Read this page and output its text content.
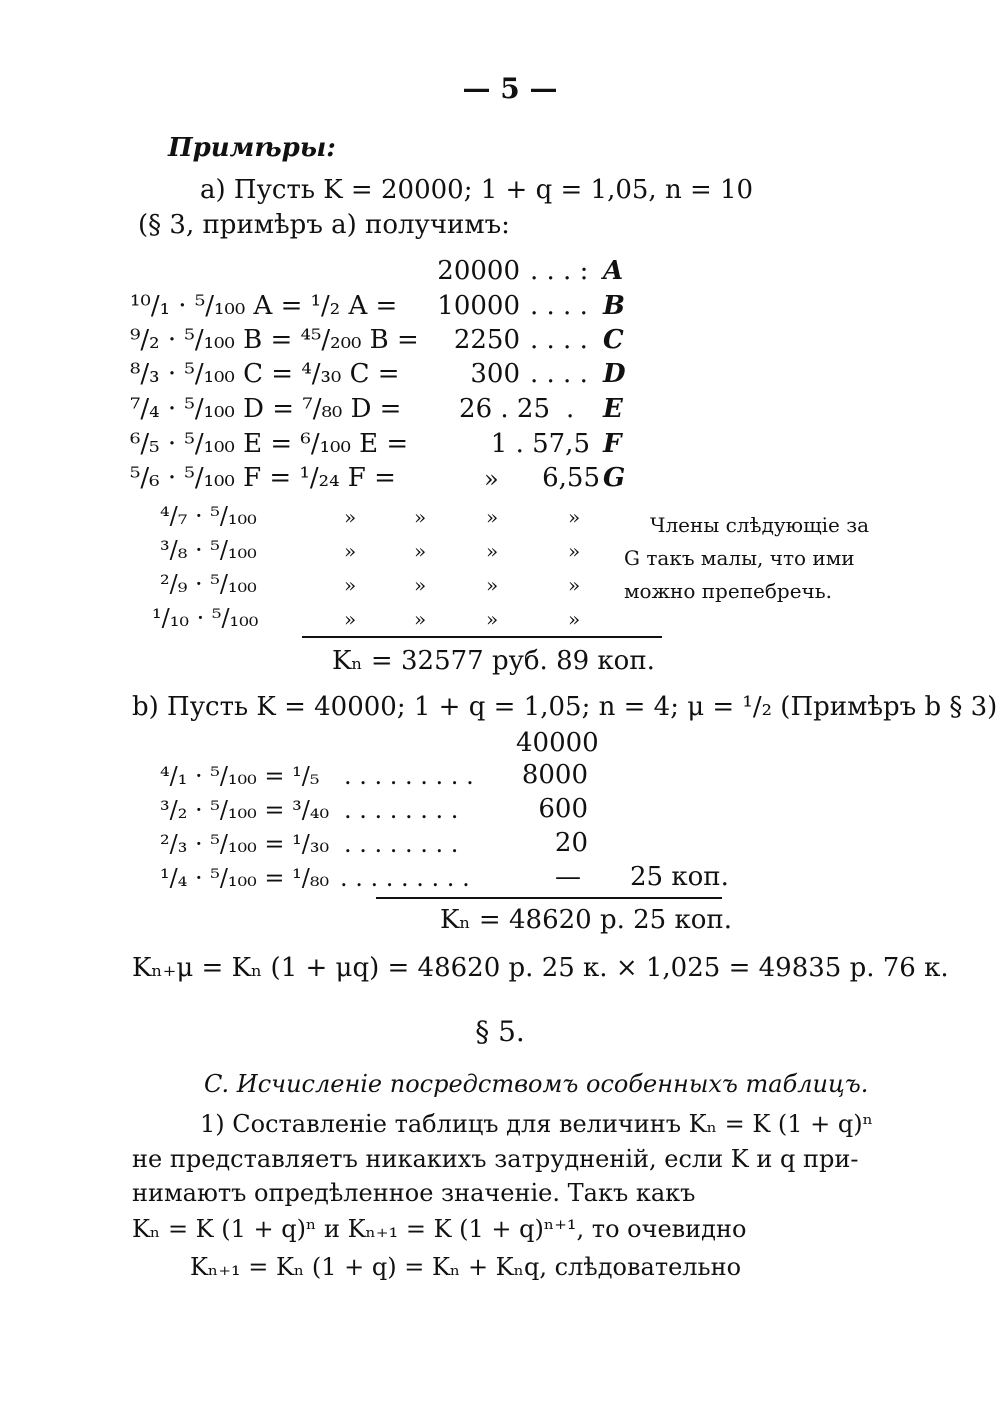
— 5 —
Примѣры:
a) Пусть K = 20000; 1 + q = 1,05, n = 10
(§ 3, примѣръ a) получимъ:
20000 . . . : A
¹⁰/₁ · ⁵/₁₀₀ A = ¹/₂ A =	10000 . . . . B
⁹/₂ · ⁵/₁₀₀ B = ⁴⁵/₂₀₀ B =	2250 . . . . C
⁸/₃ · ⁵/₁₀₀ C = ⁴/₃₀ C =	300 . . . . D
⁷/₄ · ⁵/₁₀₀ D = ⁷/₈₀ D =	26 . 25 .	E
⁶/₅ · ⁵/₁₀₀ E = ⁶/₁₀₀ E =	1 . 57,5 F
⁵/₆ · ⁵/₁₀₀ F = ¹/₂₄ F =	»	6,55 G
⁴/₇ · ⁵/₁₀₀	»	»	»	»
³/₈ · ⁵/₁₀₀	»	»	»	»
²/₉ · ⁵/₁₀₀	»	»	»	»
¹/₁₀ · ⁵/₁₀₀	»	»	»	»
Члены слѣдующіе за
G такъ малы, что ими
можно препебречь.
Kₙ = 32577 руб. 89 коп.
b) Пусть K = 40000; 1 + q = 1,05; n = 4; μ = ¹/₂ (Примѣръ b § 3)
40000
⁴/₁ · ⁵/₁₀₀ = ¹/₅ . . . . . . . . .	8000
³/₂ · ⁵/₁₀₀ = ³/₄₀ . . . . . . . .	600
²/₃ · ⁵/₁₀₀ = ¹/₃₀ . . . . . . . .	20
¹/₄ · ⁵/₁₀₀ = ¹/₈₀ . . . . . . . . .	— 25 коп.
Kₙ = 48620 р. 25 коп.
Kₙ₊μ = Kₙ (1 + μq) = 48620 р. 25 к. × 1,025 = 49835 р. 76 к.
§ 5.
C. Исчисленіе посредствомъ особенныхъ таблицъ.
1) Составленіе таблицъ для величинъ Kₙ = K (1 + q)ⁿ
не представляетъ никакихъ затрудненій, если K и q при-
нимаютъ опредѣленное значеніе. Такъ какъ
Kₙ = K (1 + q)ⁿ и Kₙ₊₁ = K (1 + q)ⁿ⁺¹, то очевидно
Kₙ₊₁ = Kₙ (1 + q) = Kₙ + Kₙq, слѣдовательно
